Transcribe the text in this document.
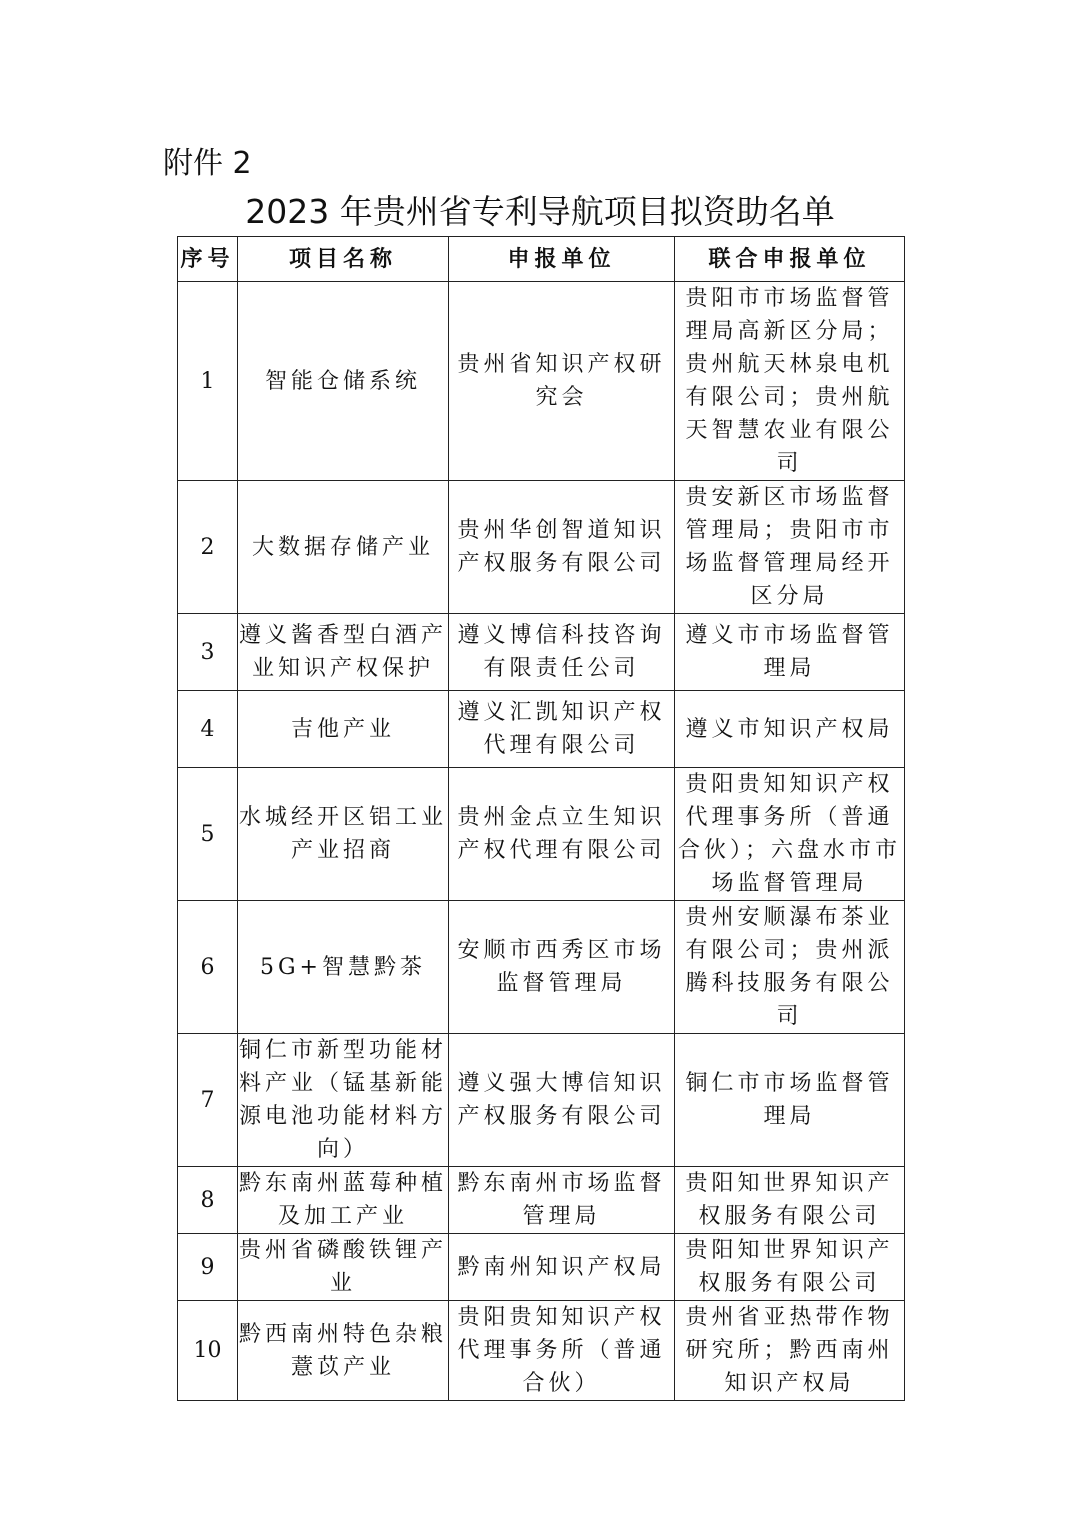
附件 2
2023 年贵州省专利导航项目拟资助名单
序号	项目名称	申报单位	联合申报单位
1	智能仓储系统	贵州省知识产权研究会	贵阳市市场监督管理局高新区分局；贵州航天林泉电机有限公司；贵州航天智慧农业有限公司
2	大数据存储产业	贵州华创智道知识产权服务有限公司	贵安新区市场监督管理局；贵阳市市场监督管理局经开区分局
3	遵义酱香型白酒产业知识产权保护	遵义博信科技咨询有限责任公司	遵义市市场监督管理局
4	吉他产业	遵义汇凯知识产权代理有限公司	遵义市知识产权局
5	水城经开区铝工业产业招商	贵州金点立生知识产权代理有限公司	贵阳贵知知识产权代理事务所（普通合伙）；六盘水市市场监督管理局
6	5G+智慧黔茶	安顺市西秀区市场监督管理局	贵州安顺瀑布茶业有限公司；贵州派腾科技服务有限公司
7	铜仁市新型功能材料产业（锰基新能源电池功能材料方向）	遵义强大博信知识产权服务有限公司	铜仁市市场监督管理局
8	黔东南州蓝莓种植及加工产业	黔东南州市场监督管理局	贵阳知世界知识产权服务有限公司
9	贵州省磷酸铁锂产业	黔南州知识产权局	贵阳知世界知识产权服务有限公司
10	黔西南州特色杂粮薏苡产业	贵阳贵知知识产权代理事务所（普通合伙）	贵州省亚热带作物研究所；黔西南州知识产权局
